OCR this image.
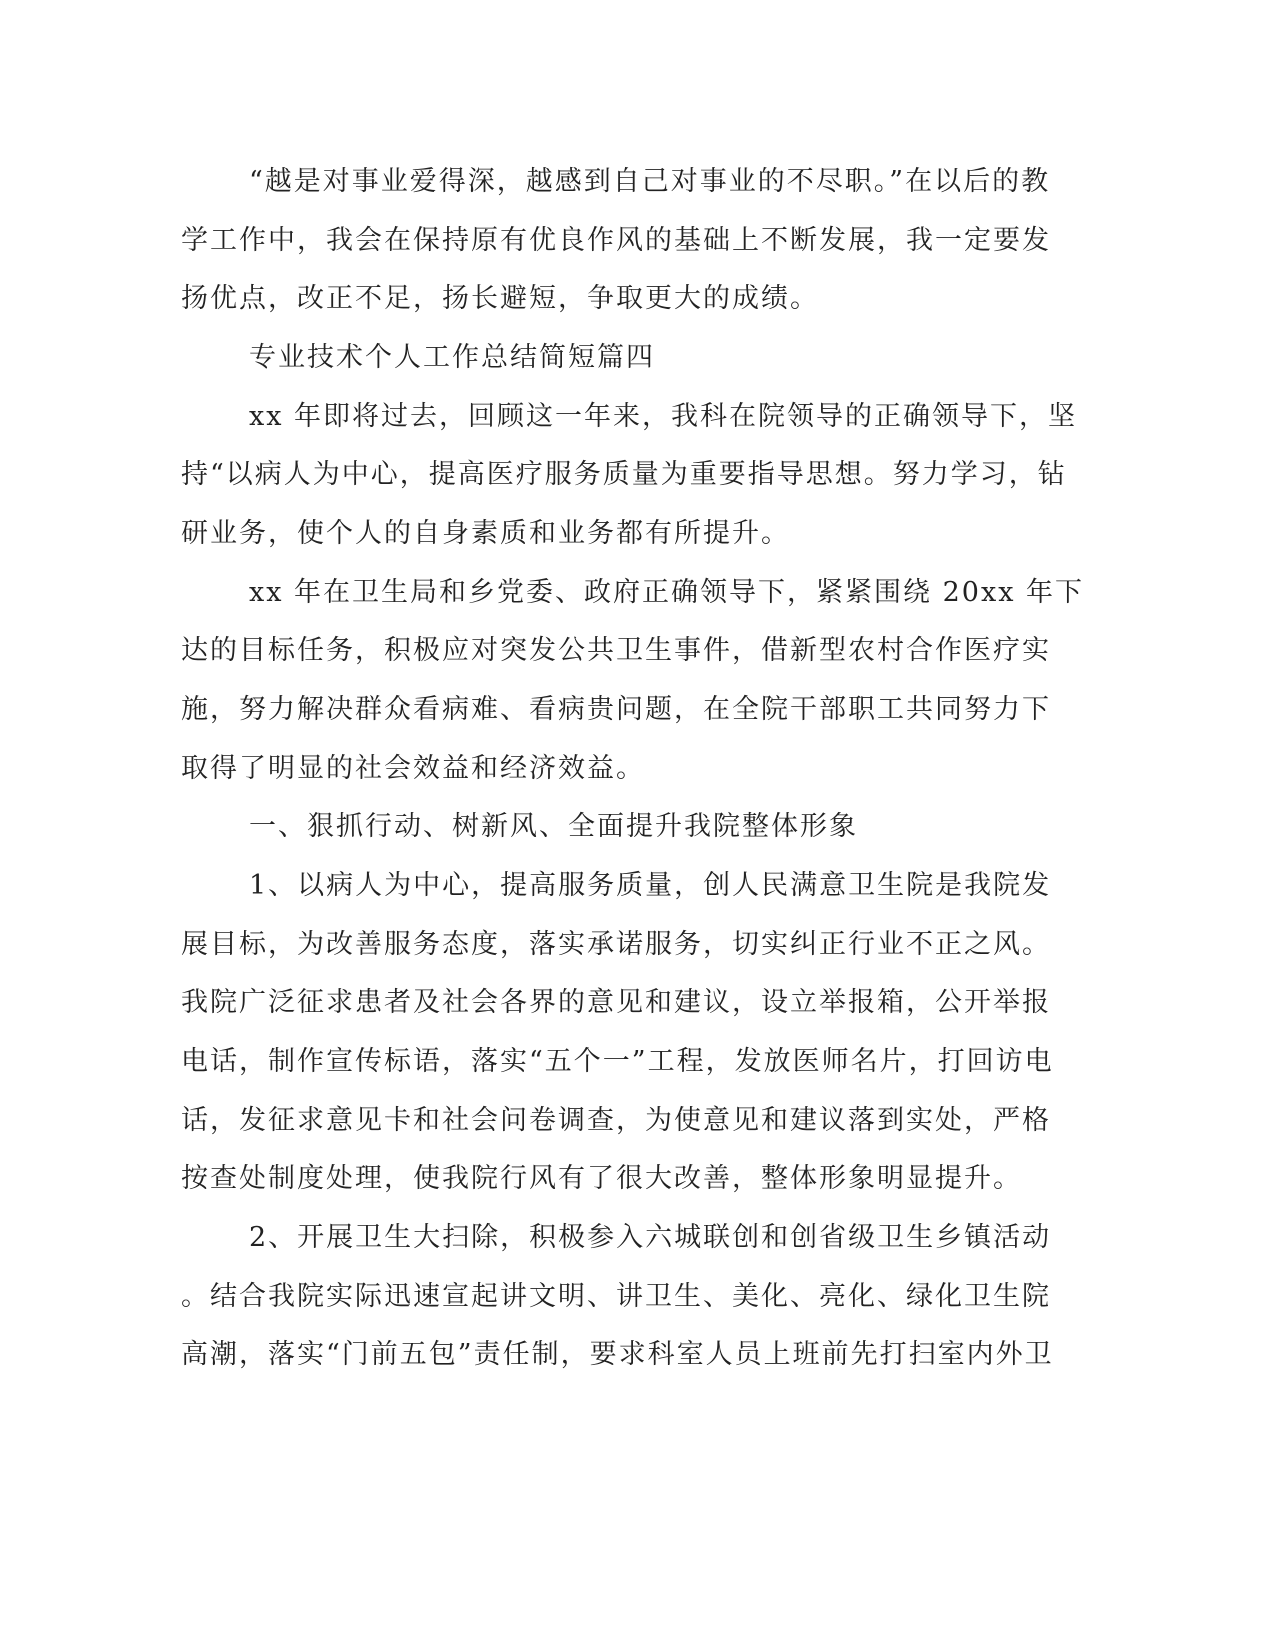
“越是对事业爱得深，越感到自己对事业的不尽职。”在以后的教
学工作中，我会在保持原有优良作风的基础上不断发展，我一定要发
扬优点，改正不足，扬长避短，争取更大的成绩。
专业技术个人工作总结简短篇四
xx 年即将过去，回顾这一年来，我科在院领导的正确领导下，坚
持“以病人为中心，提高医疗服务质量为重要指导思想。努力学习，钻
研业务，使个人的自身素质和业务都有所提升。
xx 年在卫生局和乡党委、政府正确领导下，紧紧围绕 20xx 年下
达的目标任务，积极应对突发公共卫生事件，借新型农村合作医疗实
施，努力解决群众看病难、看病贵问题，在全院干部职工共同努力下
取得了明显的社会效益和经济效益。
一、狠抓行动、树新风、全面提升我院整体形象
1、以病人为中心，提高服务质量，创人民满意卫生院是我院发
展目标，为改善服务态度，落实承诺服务，切实纠正行业不正之风。
我院广泛征求患者及社会各界的意见和建议，设立举报箱，公开举报
电话，制作宣传标语，落实“五个一”工程，发放医师名片，打回访电
话，发征求意见卡和社会问卷调查，为使意见和建议落到实处，严格
按查处制度处理，使我院行风有了很大改善，整体形象明显提升。
2、开展卫生大扫除，积极参入六城联创和创省级卫生乡镇活动
。结合我院实际迅速宣起讲文明、讲卫生、美化、亮化、绿化卫生院
高潮，落实“门前五包”责任制，要求科室人员上班前先打扫室内外卫
